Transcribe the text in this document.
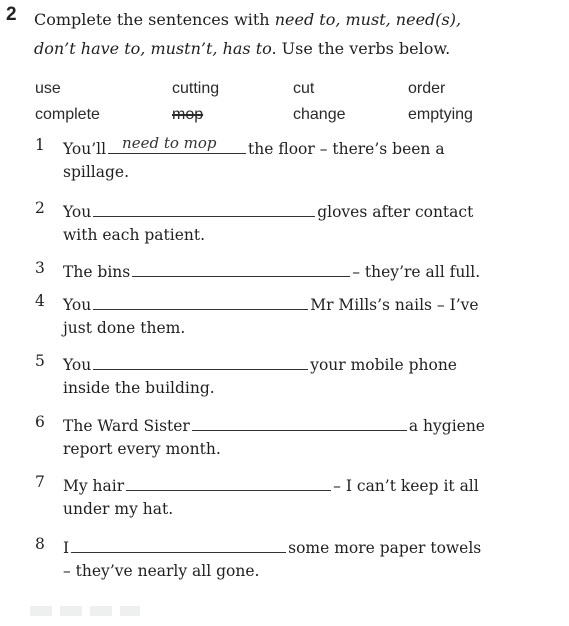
2 Complete the sentences with need to, must, need(s),
don’t have to, mustn’t, has to. Use the verbs below.
use	cutting	cut	order
complete	mop	change	emptying
1 You’ll need to mop the floor – there’s been a
spillage.
2 You	gloves after contact
with each patient.
3 The bins	– they’re all full.
4 You	Mr Mills’s nails – I’ve
just done them.
5 You	your mobile phone
inside the building.
6 The Ward Sister	a hygiene
report every month.
7 My hair	– I can’t keep it all
under my hat.
8 I	some more paper towels
– they’ve nearly all gone.
